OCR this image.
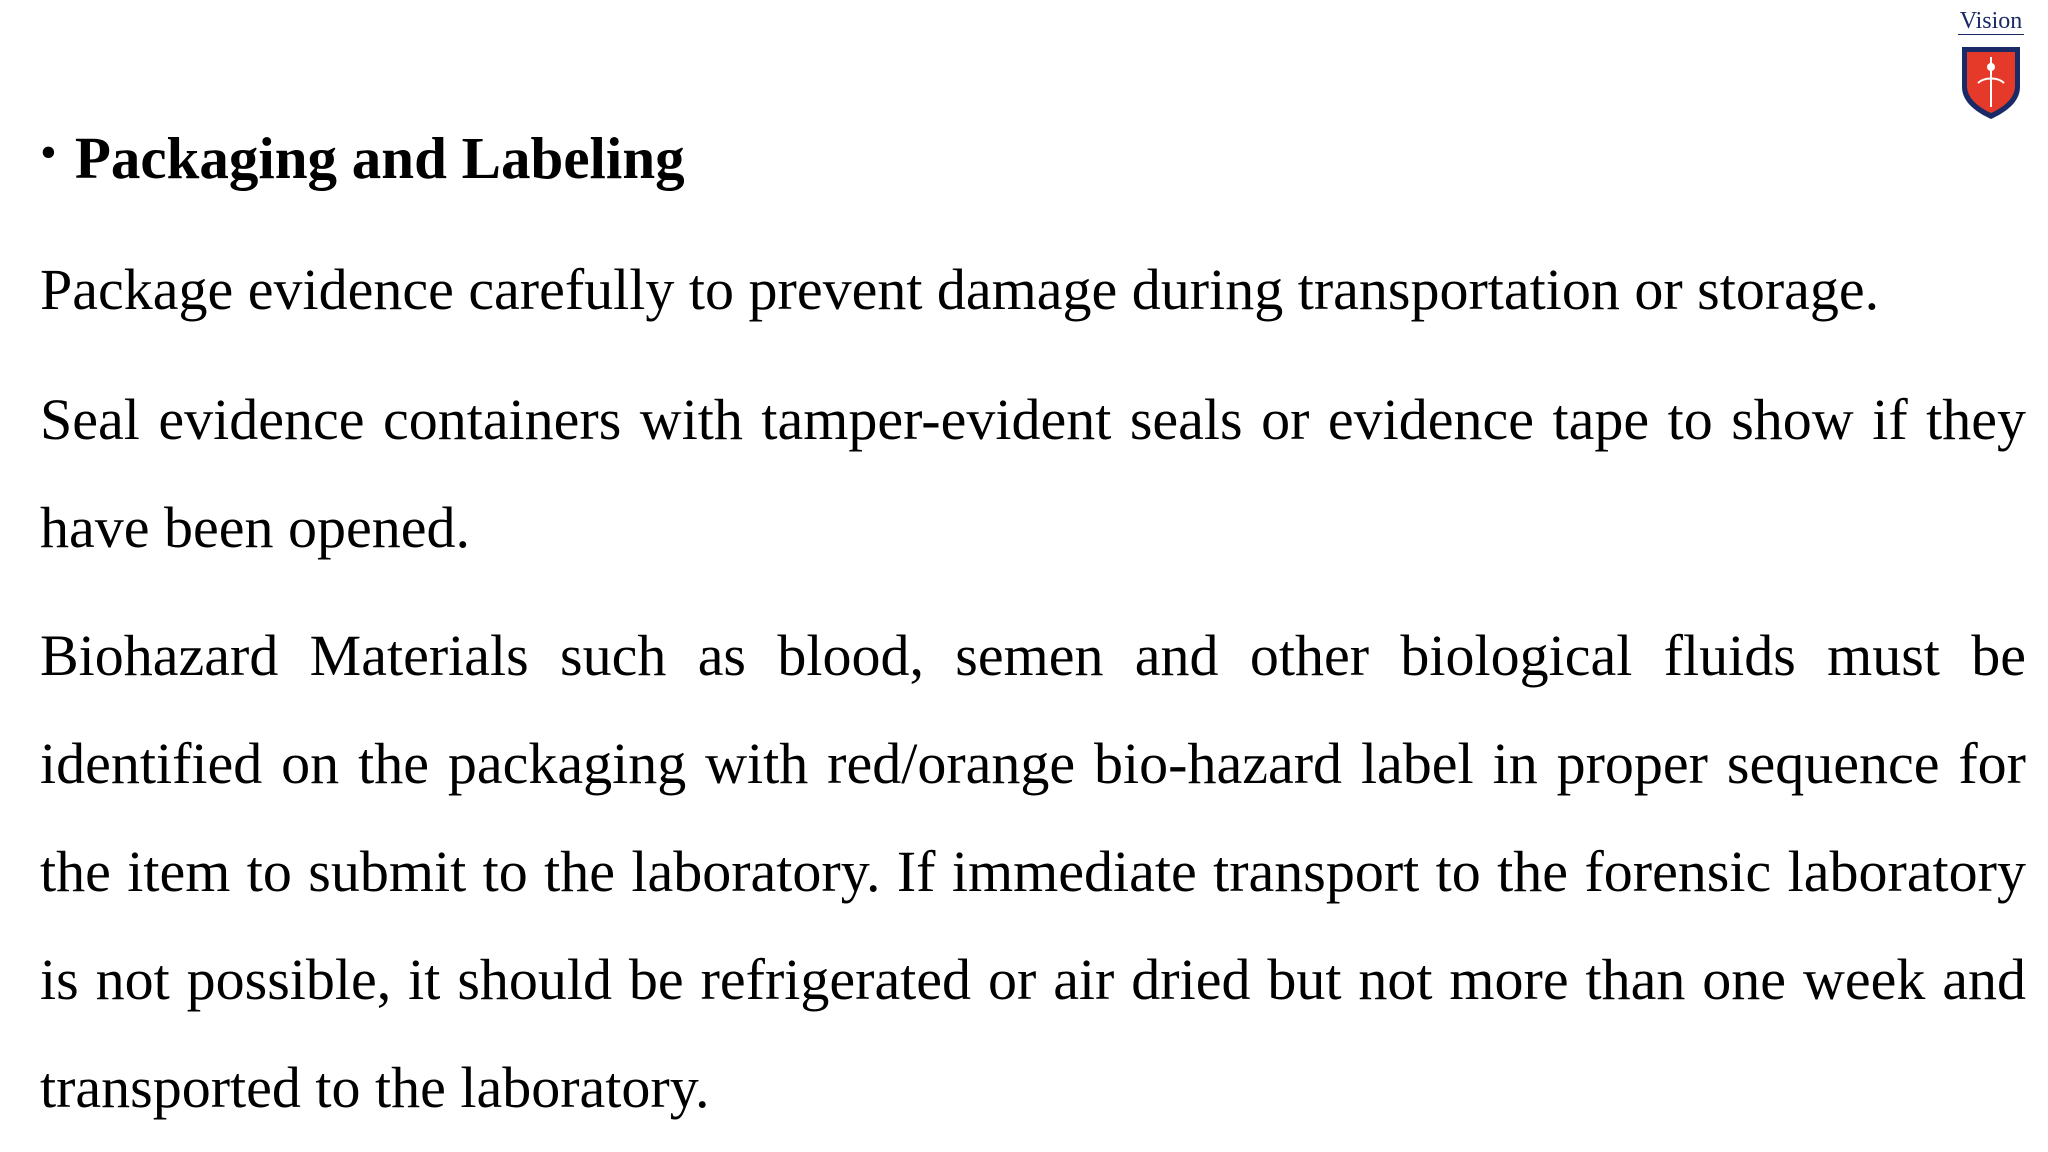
Vision

• Packaging and Labeling
Package evidence carefully to prevent damage during transportation or storage.
Seal evidence containers with tamper-evident seals or evidence tape to show if they have been opened.
Biohazard Materials such as blood, semen and other biological fluids must be identified on the packaging with red/orange bio-hazard label in proper sequence for the item to submit to the laboratory. If immediate transport to the forensic laboratory is not possible, it should be refrigerated or air dried but not more than one week and transported to the laboratory.
